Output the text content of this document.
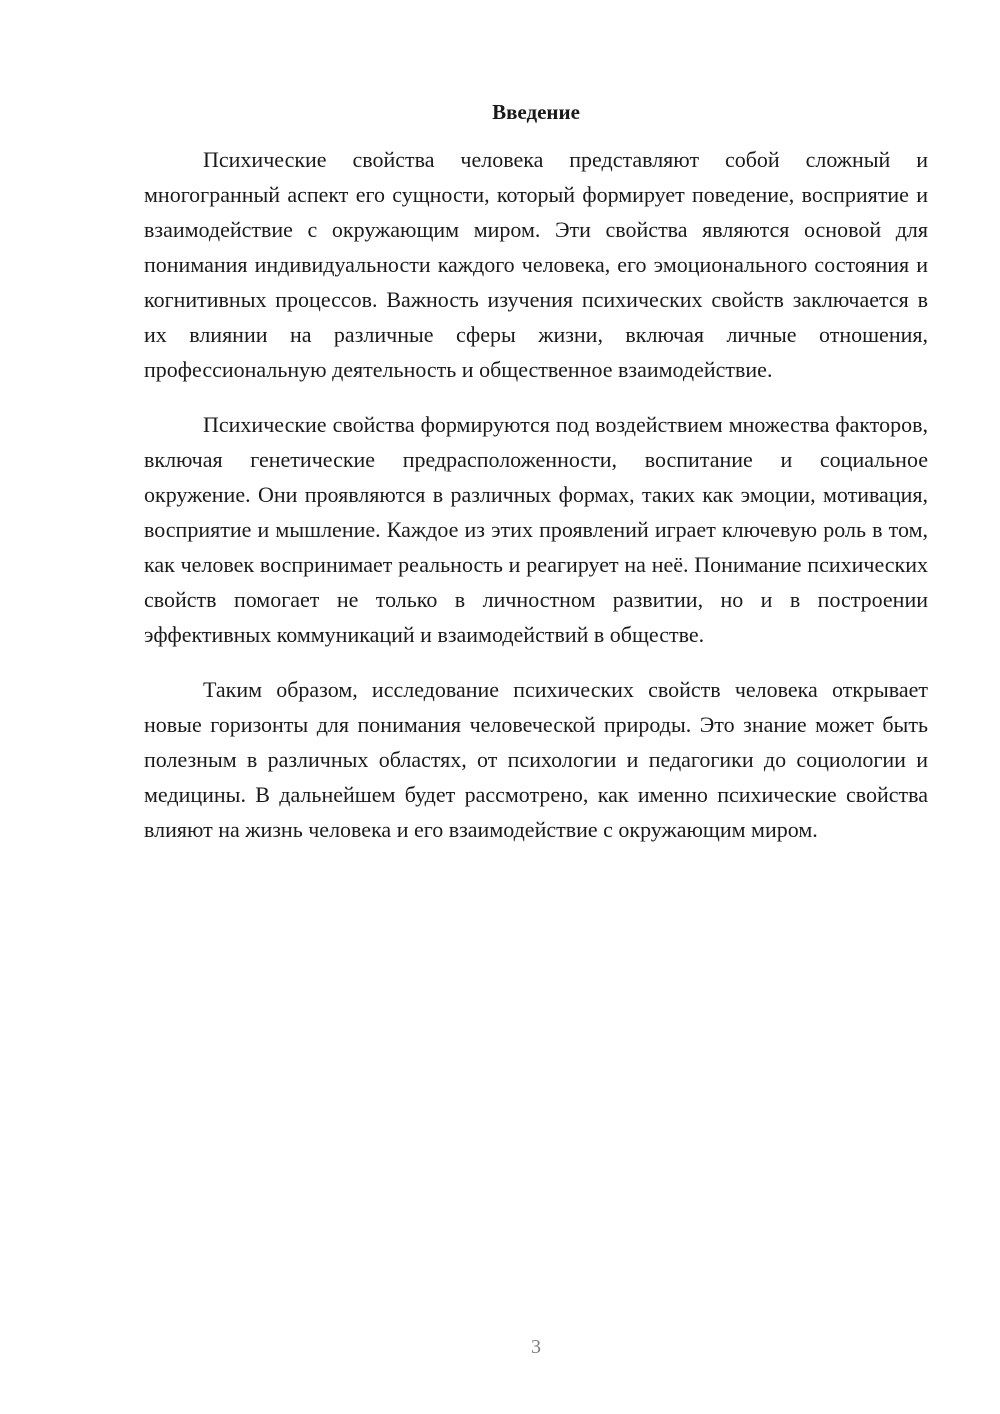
Введение

Психические свойства человека представляют собой сложный и многогранный аспект его сущности, который формирует поведение, восприятие и взаимодействие с окружающим миром. Эти свойства являются основой для понимания индивидуальности каждого человека, его эмоционального состояния и когнитивных процессов. Важность изучения психических свойств заключается в их влиянии на различные сферы жизни, включая личные отношения, профессиональную деятельность и общественное взаимодействие.

Психические свойства формируются под воздействием множества факторов, включая генетические предрасположенности, воспитание и социальное окружение. Они проявляются в различных формах, таких как эмоции, мотивация, восприятие и мышление. Каждое из этих проявлений играет ключевую роль в том, как человек воспринимает реальность и реагирует на неё. Понимание психических свойств помогает не только в личностном развитии, но и в построении эффективных коммуникаций и взаимодействий в обществе.

Таким образом, исследование психических свойств человека открывает новые горизонты для понимания человеческой природы. Это знание может быть полезным в различных областях, от психологии и педагогики до социологии и медицины. В дальнейшем будет рассмотрено, как именно психические свойства влияют на жизнь человека и его взаимодействие с окружающим миром.

3
